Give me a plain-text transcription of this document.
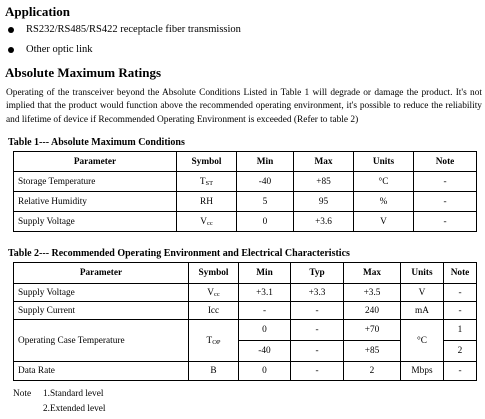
Application
RS232/RS485/RS422 receptacle fiber transmission
Other optic link
Absolute Maximum Ratings
Operating of the transceiver beyond the Absolute Conditions Listed in Table 1 will degrade or damage the product. It's not implied that the product would function above the recommended operating environment, it's possible to reduce the reliability and lifetime of device if Recommended Operating Environment is exceeded (Refer to table 2)
Table 1--- Absolute Maximum Conditions
Parameter	Symbol	Min	Max	Units	Note
Storage Temperature	TST	-40	+85	°C	-
Relative Humidity	RH	5	95	%	-
Supply Voltage	Vcc	0	+3.6	V	-
Table 2--- Recommended Operating Environment and Electrical Characteristics
Parameter	Symbol	Min	Typ	Max	Units	Note
Supply Voltage	Vcc	+3.1	+3.3	+3.5	V	-
Supply Current	Icc	-	-	240	mA	-
Operating Case Temperature	TOP	0	-	+70	°C	1
		-40	-	+85		2
Data Rate	B	0	-	2	Mbps	-
Note 1.Standard level
2.Extended level
